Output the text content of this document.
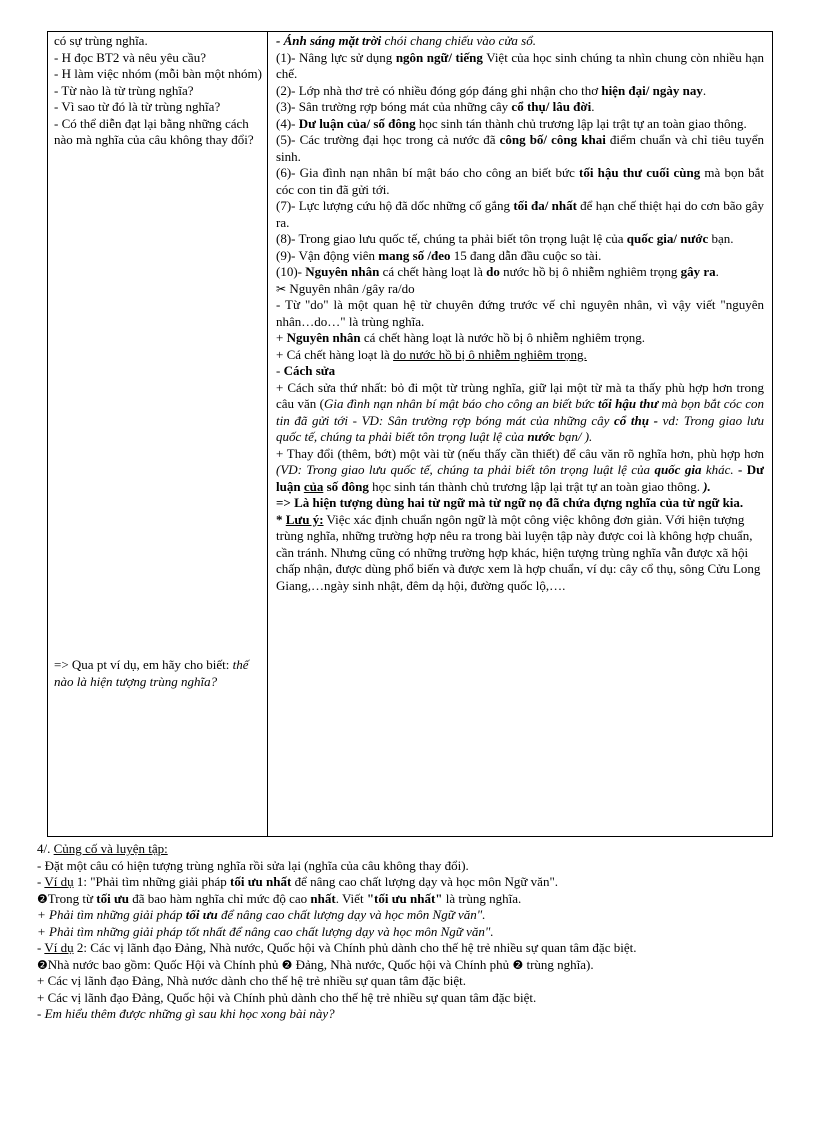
có sự trùng nghĩa.

- H đọc BT2 và nêu yêu cầu?

- H làm việc nhóm (mỗi bàn một nhóm)

- Từ nào là từ trùng nghĩa?

- Vì sao từ đó là từ trùng nghĩa?

- Có thể diễn đạt lại bằng những cách nào mà nghĩa của câu không thay đổi?

=> Qua pt ví dụ, em hãy cho biết: thế nào là hiện tượng trùng nghĩa?

- Ánh sáng mặt trời chói chang chiếu vào cửa sổ.

(1)- Nâng lực sử dụng ngôn ngữ/ tiếng Việt của học sinh chúng ta nhìn chung còn nhiều hạn chế.

(2)- Lớp nhà thơ trẻ có nhiều đóng góp đáng ghi nhận cho thơ hiện đại/ ngày nay.

(3)- Sân trường rợp bóng mát của những cây cổ thụ/ lâu đời.

(4)- Dư luận của/ số đông học sinh tán thành chủ trương lập lại trật tự an toàn giao thông.

(5)- Các trường đại học trong cả nước đã công bố/ công khai điểm chuẩn và chỉ tiêu tuyển sinh.

(6)- Gia đình nạn nhân bí mật báo cho công an biết bức tối hậu thư cuối cùng mà bọn bắt cóc con tin đã gửi tới.

(7)- Lực lượng cứu hộ đã dốc những cố gắng tối đa/ nhất để hạn chế thiệt hại do cơn bão gây ra.

(8)- Trong giao lưu quốc tế, chúng ta phải biết tôn trọng luật lệ của quốc gia/ nước bạn.

(9)- Vận động viên mang số /đeo 15 đang dẫn đầu cuộc so tài.

(10)- Nguyên nhân cá chết hàng loạt là do nước hồ bị ô nhiễm nghiêm trọng gây ra.

✂ Nguyên nhân /gây ra/do

- Từ "do" là một quan hệ từ chuyên đứng trước vế chỉ nguyên nhân, vì vậy viết "nguyên nhân…do…" là trùng nghĩa.

+ Nguyên nhân cá chết hàng loạt là nước hồ bị ô nhiễm nghiêm trọng.

+ Cá chết hàng loạt là do nước hồ bị ô nhiễm nghiêm trọng.

- Cách sửa

+ Cách sửa thứ nhất: bỏ đi một từ trùng nghĩa, giữ lại một từ mà ta thấy phù hợp hơn trong câu văn (Gia đình nạn nhân bí mật báo cho công an biết bức tối hậu thư mà bọn bắt cóc con tin đã gửi tới - VD: Sân trường rợp bóng mát của những cây cổ thụ - vd: Trong giao lưu quốc tế, chúng ta phải biết tôn trọng luật lệ của nước bạn/ ).

+ Thay đổi (thêm, bớt) một vài từ (nếu thấy cần thiết) để câu văn rõ nghĩa hơn, phù hợp hơn (VD: Trong giao lưu quốc tế, chúng ta phải biết tôn trọng luật lệ của quốc gia khác. - Dư luận của số đông học sinh tán thành chủ trương lập lại trật tự an toàn giao thông. ).

=> Là hiện tượng dùng hai từ ngữ mà từ ngữ nọ đã chứa đựng nghĩa của từ ngữ kia.

* Lưu ý: Việc xác định chuẩn ngôn ngữ là một công việc không đơn giản. Với hiện tượng trùng nghĩa, những trường hợp nêu ra trong bài luyện tập này được coi là không hợp chuẩn, cần tránh. Nhưng cũng có những trường hợp khác, hiện tượng trùng nghĩa vẫn được xã hội chấp nhận, được dùng phổ biến và được xem là hợp chuẩn, ví dụ: cây cổ thụ, sông Cửu Long Giang,…ngày sinh nhật, đêm dạ hội, đường quốc lộ,….

4/. Củng cố và luyện tập:

- Đặt một câu có hiện tượng trùng nghĩa rồi sửa lại (nghĩa của câu không thay đổi).

- Ví dụ 1: "Phải tìm những giải pháp tối ưu nhất để nâng cao chất lượng dạy và học môn Ngữ văn".

❷Trong từ tối ưu đã bao hàm nghĩa chỉ mức độ cao nhất. Viết "tối ưu nhất" là trùng nghĩa.

+ Phải tìm những giải pháp tối ưu để nâng cao chất lượng dạy và học môn Ngữ văn".

+ Phải tìm những giải pháp tốt nhất để nâng cao chất lượng dạy và học môn Ngữ văn".

- Ví dụ 2: Các vị lãnh đạo Đảng, Nhà nước, Quốc hội và Chính phủ dành cho thế hệ trẻ nhiều sự quan tâm đặc biệt.

❷Nhà nước bao gồm: Quốc Hội và Chính phủ ❷ Đảng, Nhà nước, Quốc hội và Chính phủ ❷ trùng nghĩa).

+ Các vị lãnh đạo Đảng, Nhà nước dành cho thế hệ trẻ nhiều sự quan tâm đặc biệt.

+ Các vị lãnh đạo Đảng, Quốc hội và Chính phủ dành cho thế hệ trẻ nhiều sự quan tâm đặc biệt.

- Em hiểu thêm được những gì sau khi học xong bài này?
